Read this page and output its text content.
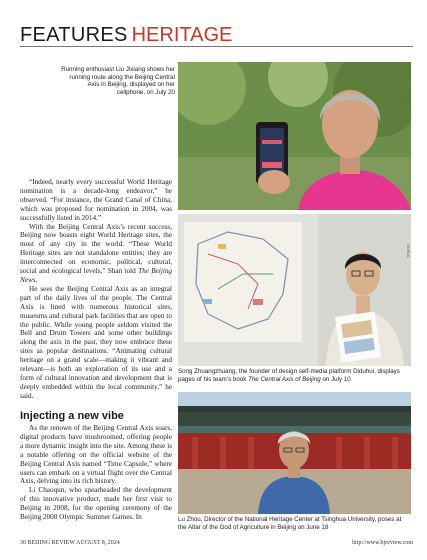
FEATURES HERITAGE
XINHUA
Running enthusiast Liu Jixiang shows her running route along the Beijing Central Axis in Beijing, displayed on her cellphone, on July 20
XINHUA
Song Zhuangzhuang, the founder of design self-media platform Diduhui, displays pages of his team’s book The Central Axis of Beijing on July 10
XINHUA
Lu Zhou, Director of the National Heritage Center at Tsinghua University, poses at the Altar of the God of Agriculture in Beijing on June 18

“Indeed, nearly every successful World Heritage nomination is a decade-long endeavor,” he observed. “For instance, the Grand Canal of China, which was proposed for nomination in 2004, was successfully listed in 2014.”

With the Beijing Central Axis’s recent success, Beijing now boasts eight World Heritage sites, the most of any city in the world. “These World Heritage sites are not standalone entities; they are interconnected on economic, political, cultural, social and ecological levels,” Shan told The Beijing News.

He sees the Beijing Central Axis as an integral part of the daily lives of the people. The Central Axis is lined with numerous historical sites, museums and cultural park facilities that are open to the public. While young people seldom visited the Bell and Drum Towers and some other buildings along the axis in the past, they now embrace these sites as popular destinations. “Animating cultural heritage on a grand scale—making it vibrant and relevant—is both an exploration of its use and a form of cultural innovation and development that is deeply embedded within the local community,” he said.

Injecting a new vibe

As the renown of the Beijing Central Axis soars, digital products have mushroomed, offering people a more dynamic insight into the site. Among these is a notable offering on the official website of the Beijing Central Axis named “Time Capsule,” where users can embark on a virtual flight over the Central Axis, delving into its rich history.

Li Chaoqun, who spearheaded the development of this innovative product, made her first visit to Beijing in 2008, for the opening ceremony of the Beijing 2008 Olympic Summer Games. In

30 BEIJING REVIEW AUGUST 8, 2024	http://www.bjreview.com
